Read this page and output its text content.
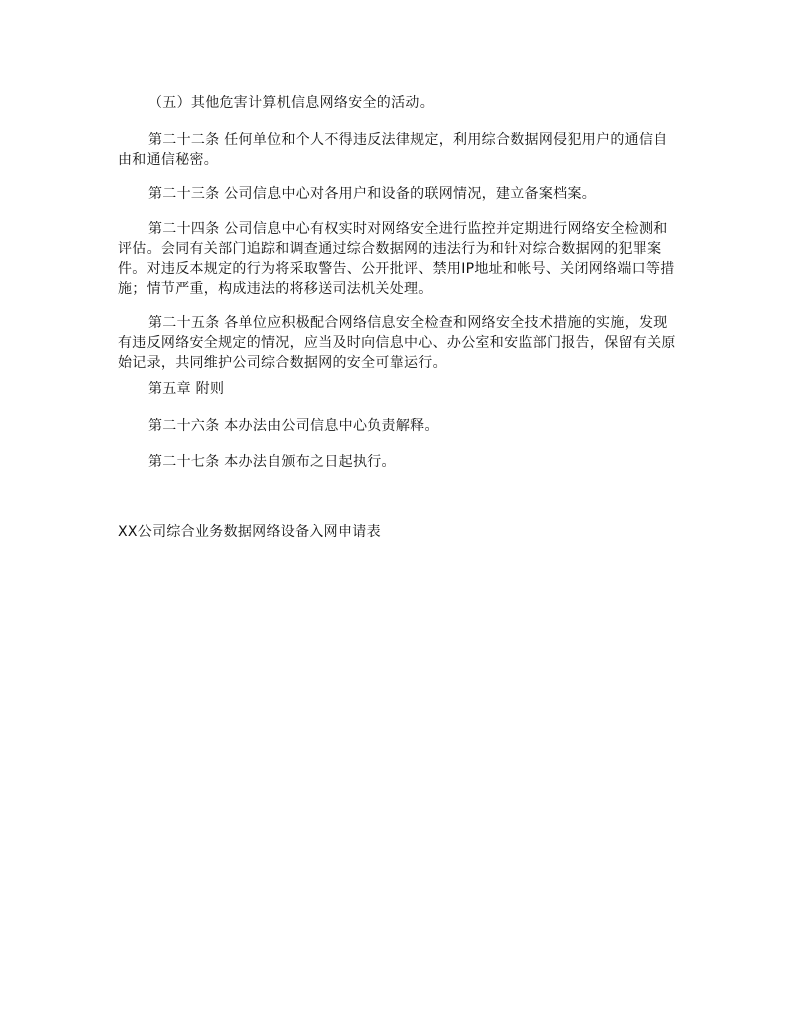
（五）其他危害计算机信息网络安全的活动。

第二十二条 任何单位和个人不得违反法律规定，利用综合数据网侵犯用户的通信自由和通信秘密。

第二十三条 公司信息中心对各用户和设备的联网情况，建立备案档案。

第二十四条 公司信息中心有权实时对网络安全进行监控并定期进行网络安全检测和评估。会同有关部门追踪和调查通过综合数据网的违法行为和针对综合数据网的犯罪案件。对违反本规定的行为将采取警告、公开批评、禁用IP地址和帐号、关闭网络端口等措施；情节严重，构成违法的将移送司法机关处理。

第二十五条 各单位应积极配合网络信息安全检查和网络安全技术措施的实施，发现有违反网络安全规定的情况，应当及时向信息中心、办公室和安监部门报告，保留有关原始记录，共同维护公司综合数据网的安全可靠运行。

第五章 附则

第二十六条 本办法由公司信息中心负责解释。

第二十七条 本办法自颁布之日起执行。

XX公司综合业务数据网络设备入网申请表
